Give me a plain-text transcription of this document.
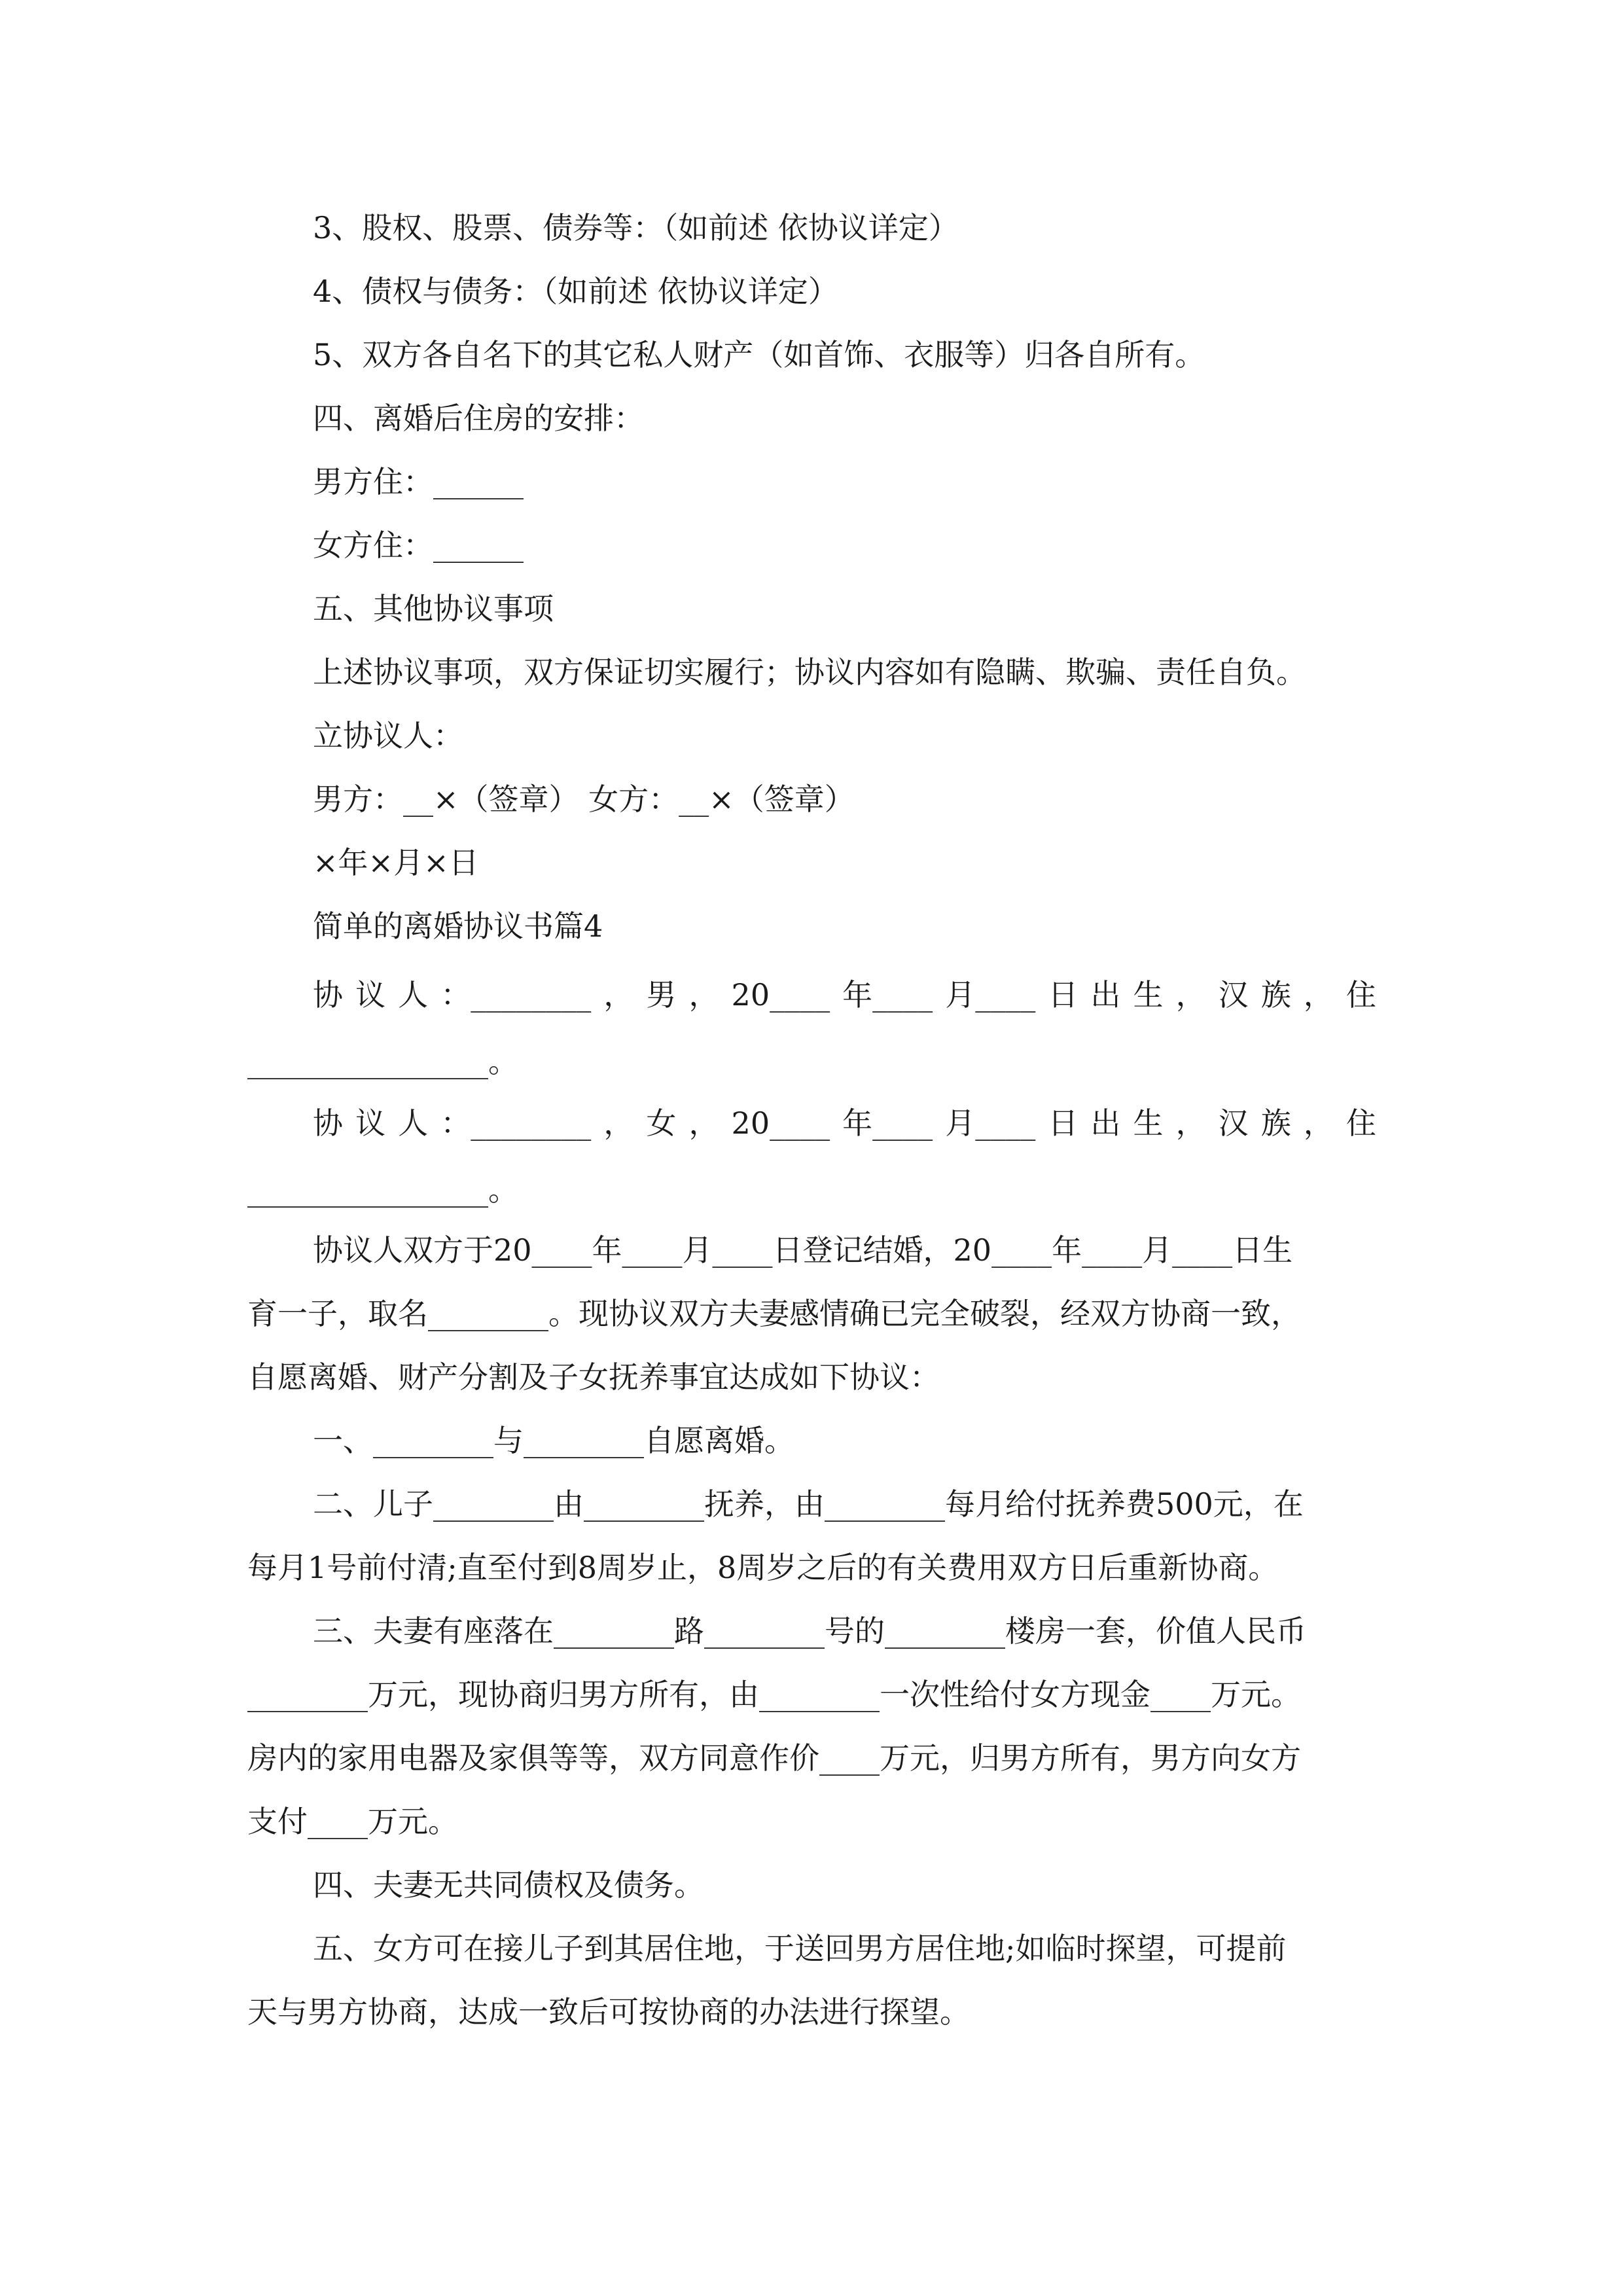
3、股权、股票、债券等：（如前述 依协议详定）
4、债权与债务：（如前述 依协议详定）
5、双方各自名下的其它私人财产（如首饰、衣服等）归各自所有。
四、离婚后住房的安排：
男方住：______
女方住：______
五、其他协议事项
上述协议事项，双方保证切实履行；协议内容如有隐瞒、欺骗、责任自负。
立协议人：
男方：__×（签章） 女方：__×（签章）
×年×月×日
简单的离婚协议书篇4
协 议 人 ：________ ， 男 ， 20____ 年____ 月____ 日 出 生 ， 汉 族 ， 住
________________。
协 议 人 ：________ ， 女 ， 20____ 年____ 月____ 日 出 生 ， 汉 族 ， 住
________________。
协议人双方于20____年____月____日登记结婚，20____年____月____日生
育一子，取名________。现协议双方夫妻感情确已完全破裂，经双方协商一致，
自愿离婚、财产分割及子女抚养事宜达成如下协议：
一、________与________自愿离婚。
二、儿子________由________抚养，由________每月给付抚养费500元，在
每月1号前付清;直至付到8周岁止，8周岁之后的有关费用双方日后重新协商。
三、夫妻有座落在________路________号的________楼房一套，价值人民币
________万元，现协商归男方所有，由________一次性给付女方现金____万元。
房内的家用电器及家俱等等，双方同意作价____万元，归男方所有，男方向女方
支付____万元。
四、夫妻无共同债权及债务。
五、女方可在接儿子到其居住地，于送回男方居住地;如临时探望，可提前
天与男方协商，达成一致后可按协商的办法进行探望。
